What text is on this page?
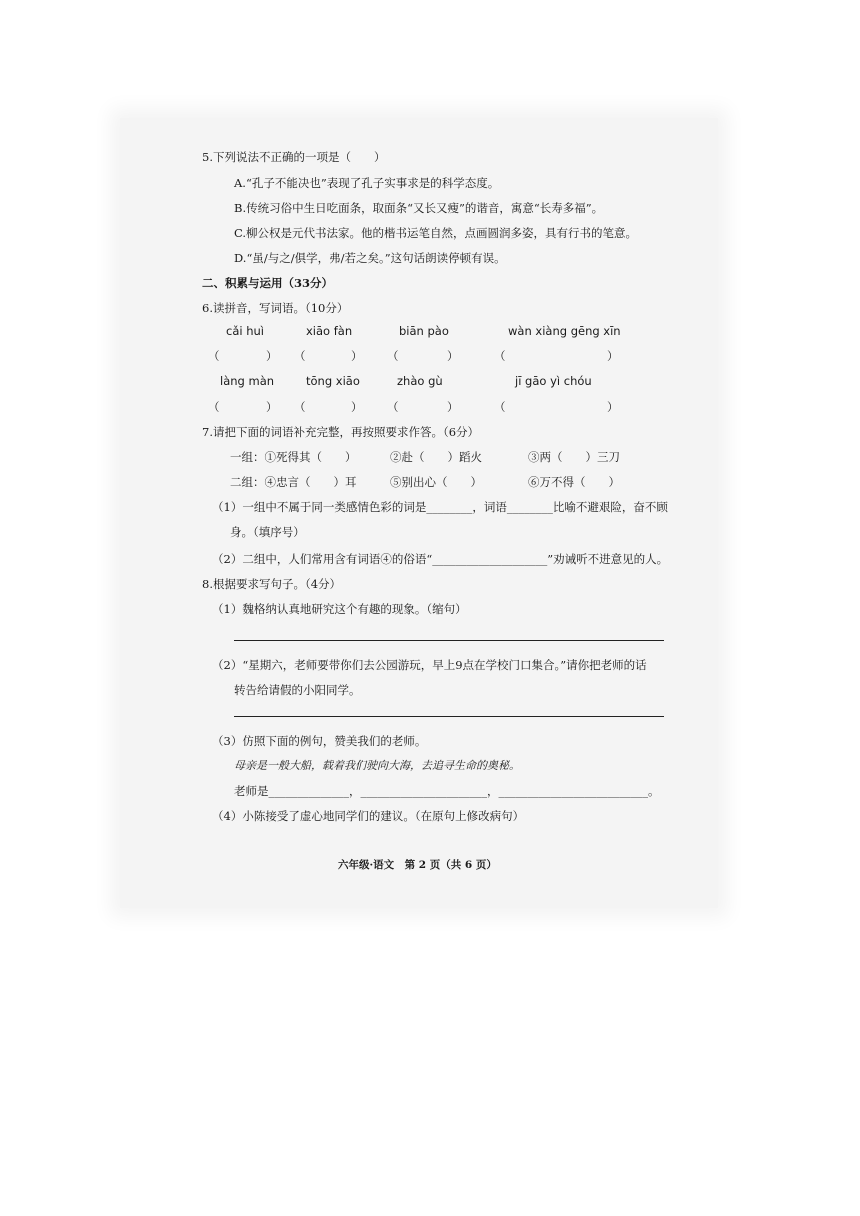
5.下列说法不正确的一项是（　　）
A.“孔子不能决也”表现了孔子实事求是的科学态度。
B.传统习俗中生日吃面条，取面条“又长又瘦”的谐音，寓意“长寿多福”。
C.柳公权是元代书法家。他的楷书运笔自然，点画圆润多姿，具有行书的笔意。
D.“虽/与之/俱学，弗/若之矣。”这句话朗读停顿有误。
二、积累与运用（33分）
6.读拼音，写词语。（10分）
cǎi huì	xiāo fàn	biān pào	wàn xiàng gēng xīn
（	） （	） （	）	（	）
làng màn	tōng xiāo	zhào gù	jī gāo yì chóu
（	） （	） （	）	（	）
7.请把下面的词语补充完整，再按照要求作答。（6分）
一组：①死得其（　　）	②赴（　　）蹈火	③两（　　）三刀
二组：④忠言（　　）耳	⑤别出心（　　）	⑥万不得（　　）
（1）一组中不属于同一类感情色彩的词是________，词语________比喻不避艰险，奋不顾
身。（填序号）
（2）二组中，人们常用含有词语④的俗语“____________________”劝诫听不进意见的人。
8.根据要求写句子。（4分）
（1）魏格纳认真地研究这个有趣的现象。（缩句）
（2）“星期六，老师要带你们去公园游玩，早上9点在学校门口集合。”请你把老师的话
转告给请假的小阳同学。
（3）仿照下面的例句，赞美我们的老师。
母亲是一般大船，载着我们驶向大海，去追寻生命的奥秘。
老师是______________，______________________，__________________________。
（4）小陈接受了虚心地同学们的建议。（在原句上修改病句）
六年级·语文　第 2 页（共 6 页）
